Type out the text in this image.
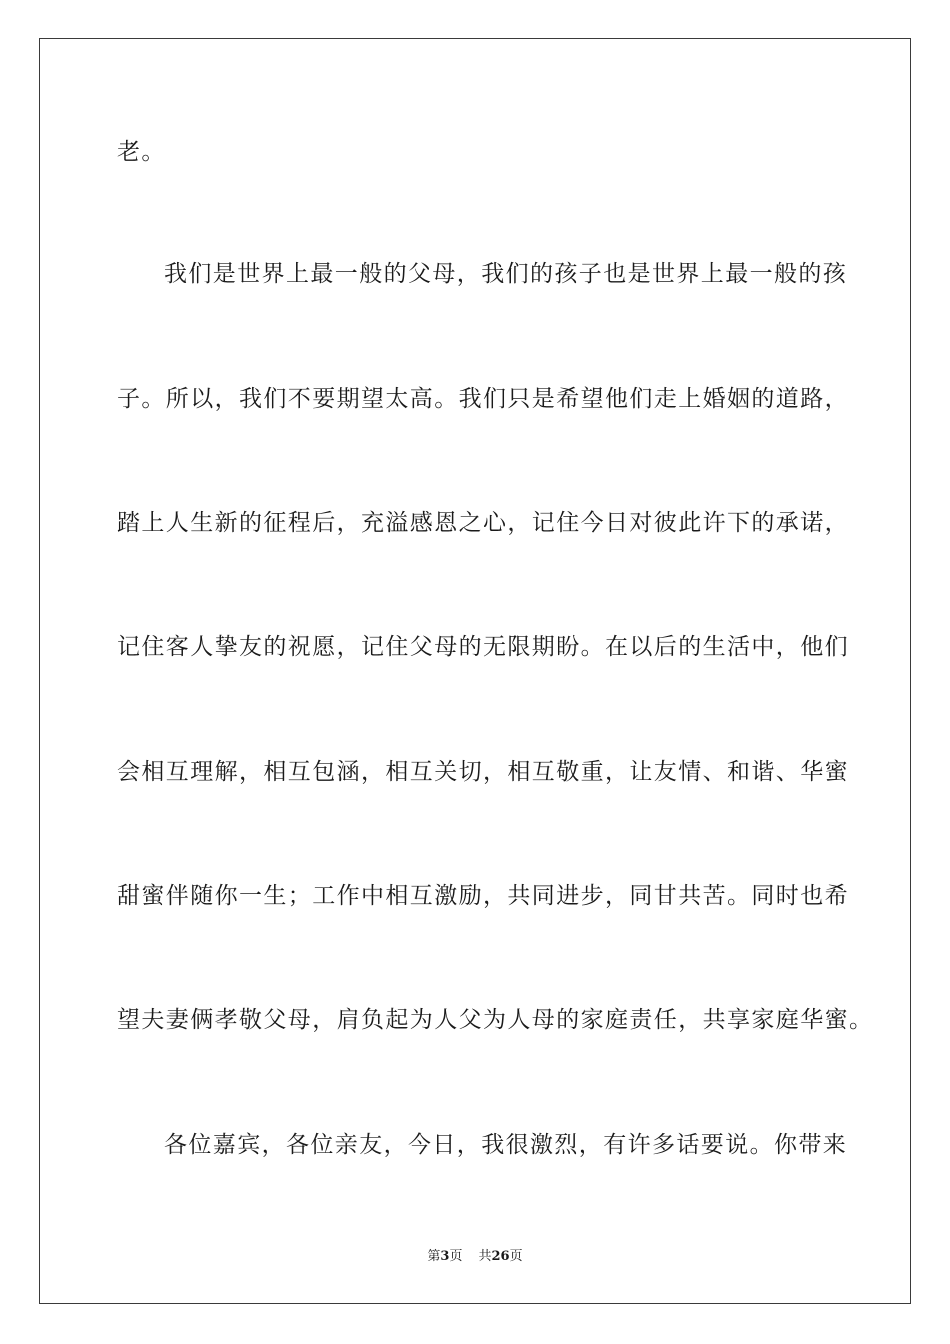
老。
我们是世界上最一般的父母，我们的孩子也是世界上最一般的孩
子。所以，我们不要期望太高。我们只是希望他们走上婚姻的道路，
踏上人生新的征程后，充溢感恩之心，记住今日对彼此许下的承诺，
记住客人挚友的祝愿，记住父母的无限期盼。在以后的生活中，他们
会相互理解，相互包涵，相互关切，相互敬重，让友情、和谐、华蜜
甜蜜伴随你一生；工作中相互激励，共同进步，同甘共苦。同时也希
望夫妻俩孝敬父母，肩负起为人父为人母的家庭责任，共享家庭华蜜。
各位嘉宾，各位亲友，今日，我很激烈，有许多话要说。你带来
第3页 共26页
